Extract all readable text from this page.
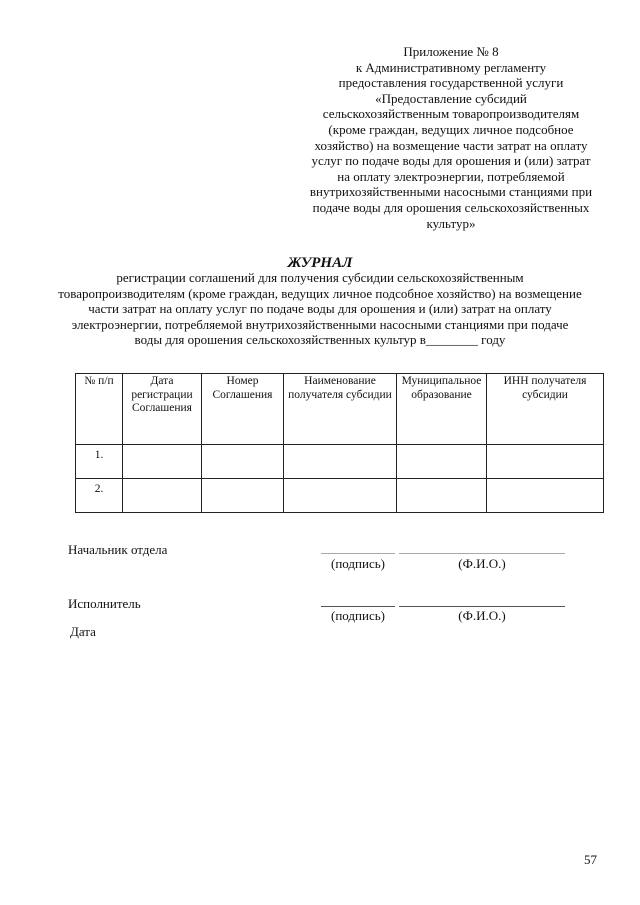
Приложение № 8
к Административному регламенту
предоставления государственной услуги
«Предоставление субсидий
сельскохозяйственным товаропроизводителям
(кроме граждан, ведущих личное подсобное
хозяйство) на возмещение части затрат на оплату
услуг по подаче воды для орошения и (или) затрат
на оплату электроэнергии, потребляемой
внутрихозяйственными насосными станциями при
подаче воды для орошения сельскохозяйственных
культур»
ЖУРНАЛ
регистрации соглашений для получения субсидии сельскохозяйственным
товаропроизводителям (кроме граждан, ведущих личное подсобное хозяйство) на возмещение
части затрат на оплату услуг по подаче воды для орошения и (или) затрат на оплату
электроэнергии, потребляемой внутрихозяйственными насосными станциями при подаче
воды для орошения сельскохозяйственных культур в________ году
№ п/п	Дата регистрации Соглашения	Номер Соглашения	Наименование получателя субсидии	Муниципальное образование	ИНН получателя субсидии
1.					
2.					
Начальник отдела
(подпись)	(Ф.И.О.)
Исполнитель
(подпись)	(Ф.И.О.)
Дата
57
